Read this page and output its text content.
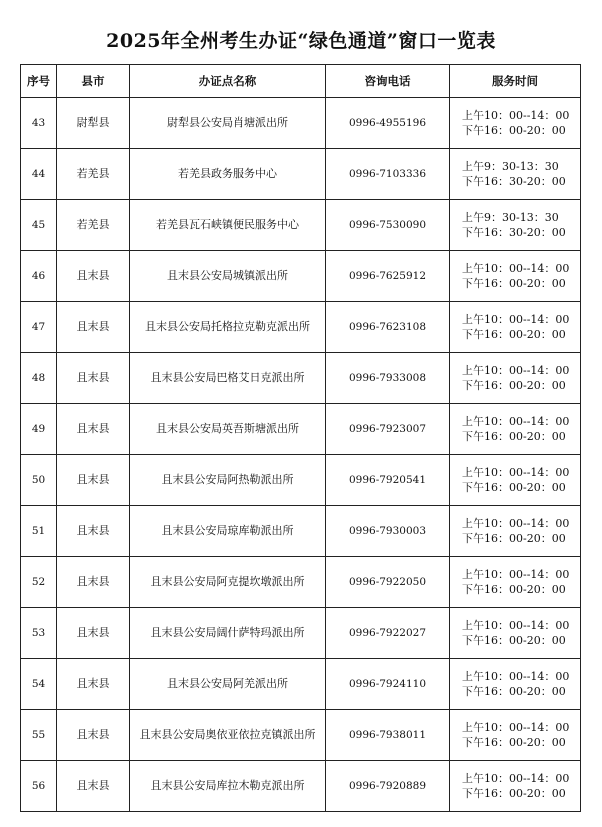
2025年全州考生办证“绿色通道”窗口一览表
序号	县市	办证点名称	咨询电话	服务时间
43	尉犁县	尉犁县公安局肖塘派出所	0996-4955196	上午10：00--14：00
下午16：00-20：00

44	若羌县	若羌县政务服务中心	0996-7103336	上午9：30-13：30
下午16：30-20：00

45	若羌县	若羌县瓦石峡镇便民服务中心	0996-7530090	上午9：30-13：30
下午16：30-20：00

46	且末县	且末县公安局城镇派出所	0996-7625912	上午10：00--14：00
下午16：00-20：00

47	且末县	且末县公安局托格拉克勒克派出所	0996-7623108	上午10：00--14：00
下午16：00-20：00

48	且末县	且末县公安局巴格艾日克派出所	0996-7933008	上午10：00--14：00
下午16：00-20：00

49	且末县	且末县公安局英吾斯塘派出所	0996-7923007	上午10：00--14：00
下午16：00-20：00

50	且末县	且末县公安局阿热勒派出所	0996-7920541	上午10：00--14：00
下午16：00-20：00

51	且末县	且末县公安局琼库勒派出所	0996-7930003	上午10：00--14：00
下午16：00-20：00

52	且末县	且末县公安局阿克提坎墩派出所	0996-7922050	上午10：00--14：00
下午16：00-20：00

53	且末县	且末县公安局阔什萨特玛派出所	0996-7922027	上午10：00--14：00
下午16：00-20：00

54	且末县	且末县公安局阿羌派出所	0996-7924110	上午10：00--14：00
下午16：00-20：00

55	且末县	且末县公安局奥依亚依拉克镇派出所	0996-7938011	上午10：00--14：00
下午16：00-20：00

56	且末县	且末县公安局库拉木勒克派出所	0996-7920889	上午10：00--14：00
下午16：00-20：00
